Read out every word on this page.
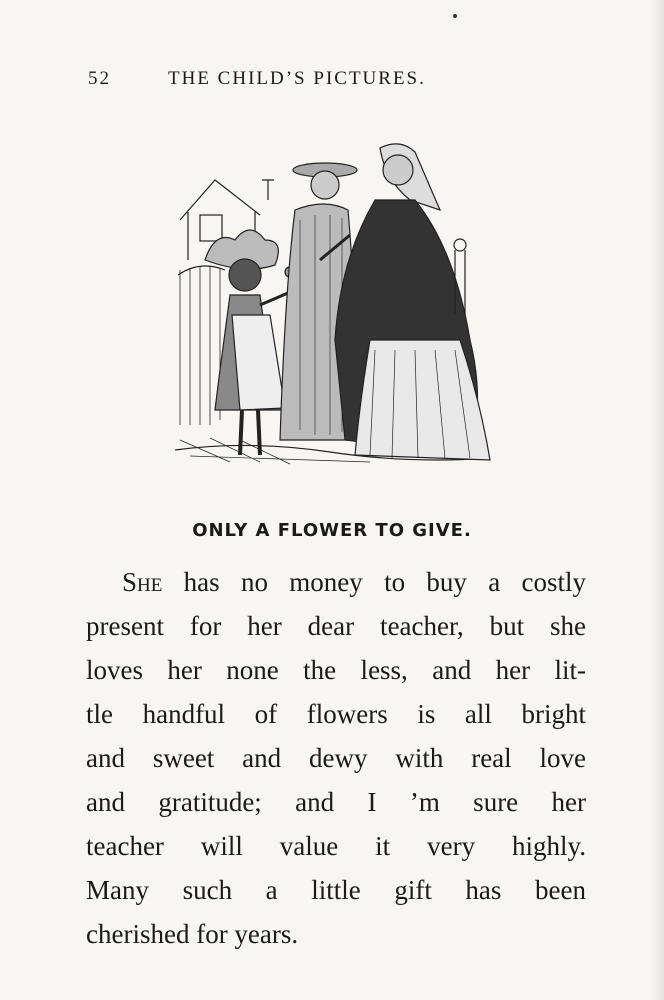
52	THE CHILD’S PICTURES.
ONLY A FLOWER TO GIVE.
She has no money to buy a costly
present for her dear teacher, but she
loves her none the less, and her lit-
tle handful of flowers is all bright
and sweet and dewy with real love
and gratitude; and I ’m sure her
teacher will value it very highly.
Many such a little gift has been
cherished for years.
